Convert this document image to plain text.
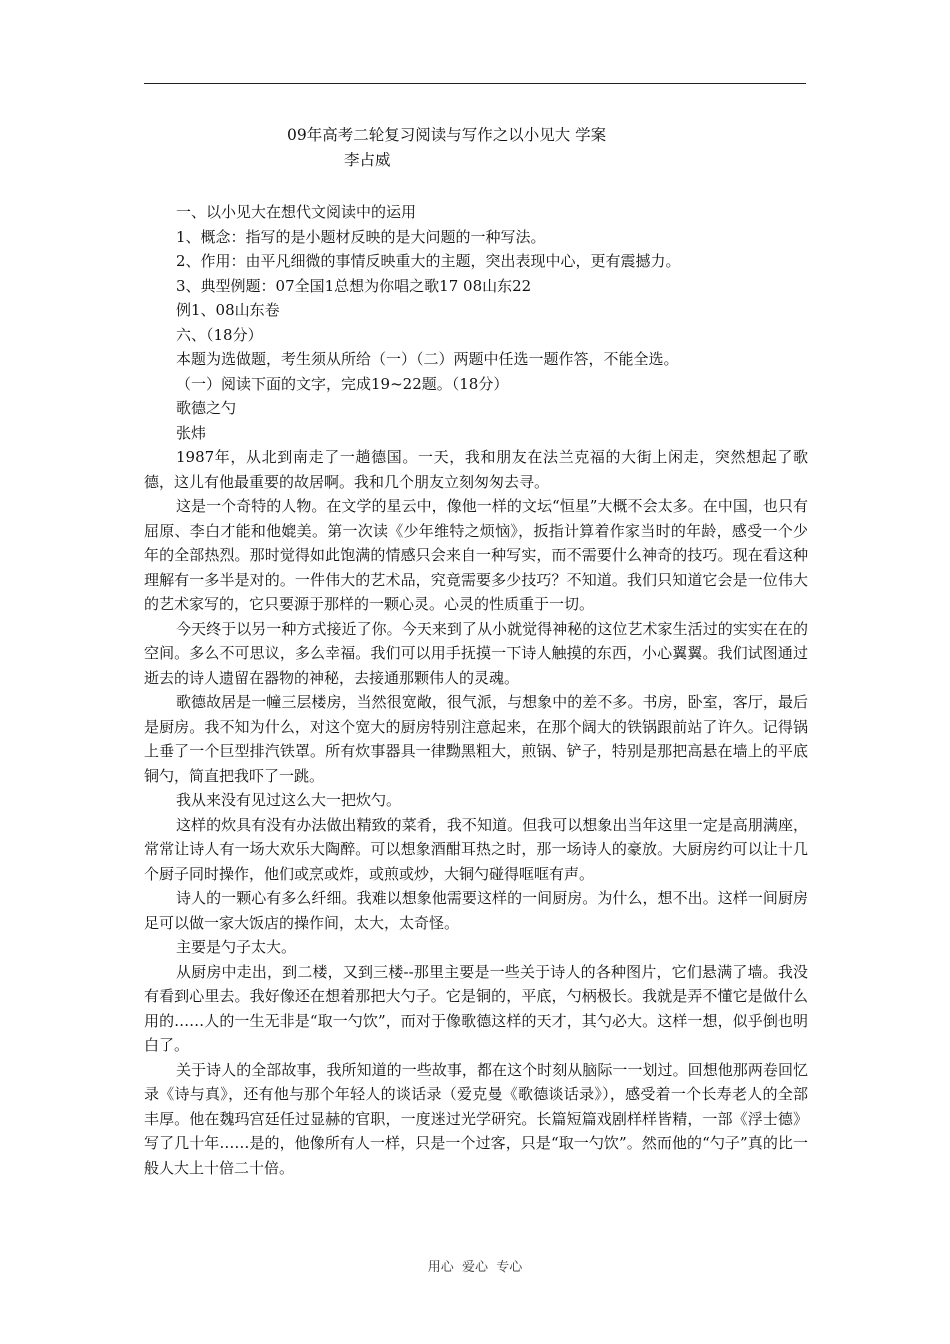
09年高考二轮复习阅读与写作之以小见大 学案
李占威

一、以小见大在想代文阅读中的运用

1、概念：指写的是小题材反映的是大问题的一种写法。

2、作用：由平凡细微的事情反映重大的主题，突出表现中心，更有震撼力。

3、典型例题：07全国1总想为你唱之歌17 08山东22

例1、08山东卷

六、（18分）

本题为选做题，考生须从所给（一）（二）两题中任选一题作答，不能全选。

（一）阅读下面的文字，完成19~22题。（18分）

歌德之勺

张炜

1987年，从北到南走了一趟德国。一天，我和朋友在法兰克福的大街上闲走，突然想起了歌德，这儿有他最重要的故居啊。我和几个朋友立刻匆匆去寻。

这是一个奇特的人物。在文学的星云中，像他一样的文坛“恒星”大概不会太多。在中国，也只有屈原、李白才能和他媲美。第一次读《少年维特之烦恼》，扳指计算着作家当时的年龄，感受一个少年的全部热烈。那时觉得如此饱满的情感只会来自一种写实，而不需要什么神奇的技巧。现在看这种理解有一多半是对的。一件伟大的艺术品，究竟需要多少技巧？不知道。我们只知道它会是一位伟大的艺术家写的，它只要源于那样的一颗心灵。心灵的性质重于一切。

今天终于以另一种方式接近了你。今天来到了从小就觉得神秘的这位艺术家生活过的实实在在的空间。多么不可思议，多么幸福。我们可以用手抚摸一下诗人触摸的东西，小心翼翼。我们试图通过逝去的诗人遗留在器物的神秘，去接通那颗伟人的灵魂。

歌德故居是一幢三层楼房，当然很宽敞，很气派，与想象中的差不多。书房，卧室，客厅，最后是厨房。我不知为什么，对这个宽大的厨房特别注意起来，在那个阔大的铁锅跟前站了许久。记得锅上垂了一个巨型排汽铁罩。所有炊事器具一律黝黑粗大，煎锅、铲子，特别是那把高悬在墙上的平底铜勺，简直把我吓了一跳。

我从来没有见过这么大一把炊勺。

这样的炊具有没有办法做出精致的菜肴，我不知道。但我可以想象出当年这里一定是高朋满座，常常让诗人有一场大欢乐大陶醉。可以想象酒酣耳热之时，那一场诗人的豪放。大厨房约可以让十几个厨子同时操作，他们或烹或炸，或煎或炒，大铜勺碰得哐哐有声。

诗人的一颗心有多么纤细。我难以想象他需要这样的一间厨房。为什么，想不出。这样一间厨房足可以做一家大饭店的操作间，太大，太奇怪。

主要是勺子太大。

从厨房中走出，到二楼，又到三楼--那里主要是一些关于诗人的各种图片，它们悬满了墙。我没有看到心里去。我好像还在想着那把大勺子。它是铜的，平底，勺柄极长。我就是弄不懂它是做什么用的……人的一生无非是“取一勺饮”，而对于像歌德这样的天才，其勺必大。这样一想，似乎倒也明白了。

关于诗人的全部故事，我所知道的一些故事，都在这个时刻从脑际一一划过。回想他那两卷回忆录《诗与真》，还有他与那个年轻人的谈话录（爱克曼《歌德谈话录》），感受着一个长寿老人的全部丰厚。他在魏玛宫廷任过显赫的官职，一度迷过光学研究。长篇短篇戏剧样样皆精，一部《浮士德》写了几十年……是的，他像所有人一样，只是一个过客，只是“取一勺饮”。然而他的“勺子”真的比一般人大上十倍二十倍。

用心  爱心  专心
